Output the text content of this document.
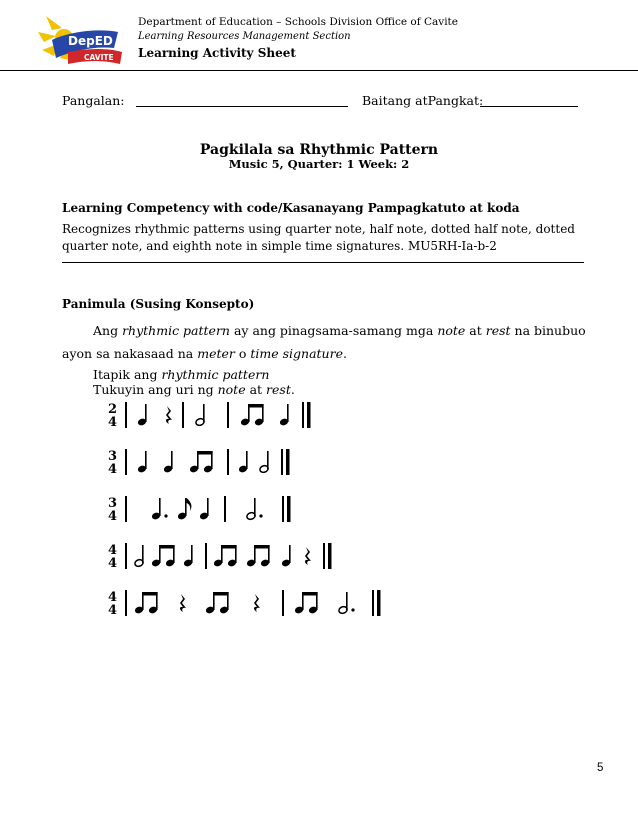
DepED
CAVITE
Department of Education – Schools Division Office of Cavite
Learning Resources Management Section
Learning Activity Sheet
Pangalan:	Baitang atPangkat:
Pagkilala sa Rhythmic Pattern
Music 5, Quarter: 1 Week: 2
Learning Competency with code/Kasanayang Pampagkatuto at koda
Recognizes rhythmic patterns using quarter note, half note, dotted half note, dotted quarter note, and eighth note in simple time signatures. MU5RH-Ia-b-2
Panimula (Susing Konsepto)
Ang rhythmic pattern ay ang pinagsama-samang mga note at rest na binubuo
ayon sa nakasaad na meter o time signature.
Itapik ang rhythmic pattern
Tukuyin ang uri ng note at rest.
2
4
3
4
3
4
4
4
4
4
5
